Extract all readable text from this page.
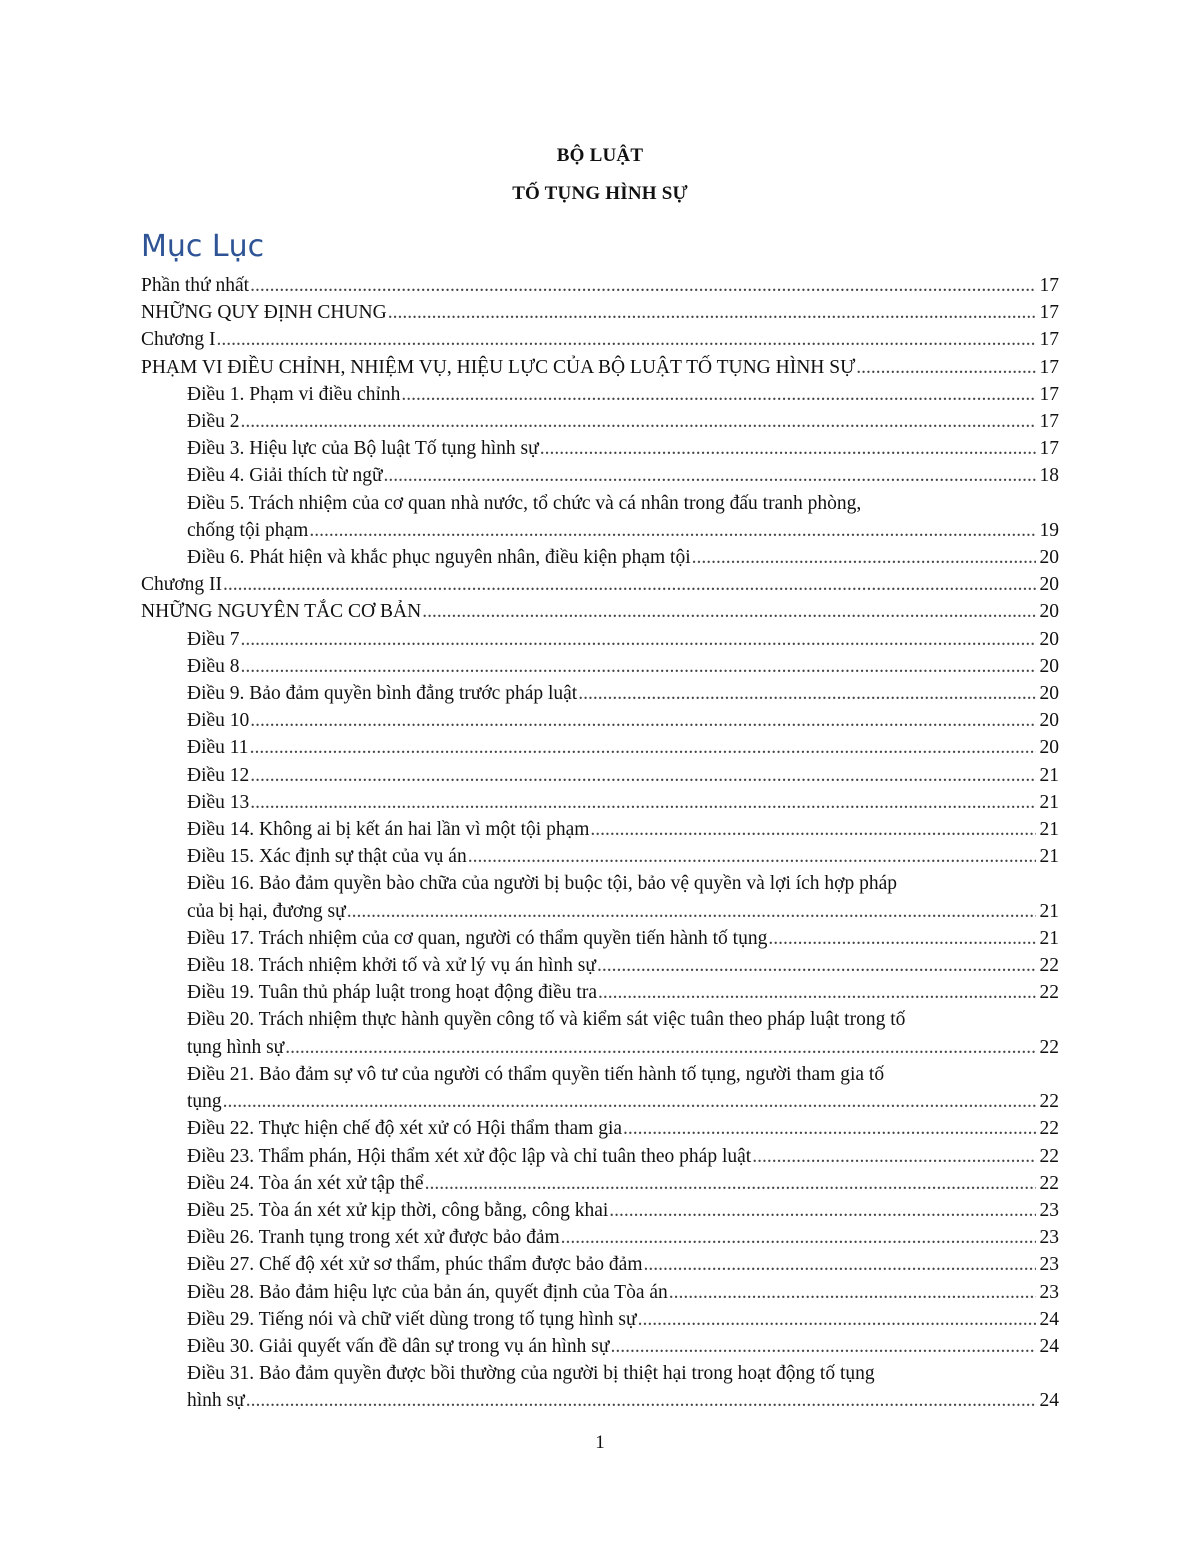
BỘ LUẬT
TỐ TỤNG HÌNH SỰ
Mục Lục
Phần thứ nhất .....	17
NHỮNG QUY ĐỊNH CHUNG .....	17
Chương I .....	17
PHẠM VI ĐIỀU CHỈNH, NHIỆM VỤ, HIỆU LỰC CỦA BỘ LUẬT TỐ TỤNG HÌNH SỰ .....	17
Điều 1. Phạm vi điều chỉnh .....	17
Điều 2 .....	17
Điều 3. Hiệu lực của Bộ luật Tố tụng hình sự .....	17
Điều 4. Giải thích từ ngữ .....	18
Điều 5. Trách nhiệm của cơ quan nhà nước, tổ chức và cá nhân trong đấu tranh phòng,
chống tội phạm .....	19
Điều 6. Phát hiện và khắc phục nguyên nhân, điều kiện phạm tội .....	20
Chương II .....	20
NHỮNG NGUYÊN TẮC CƠ BẢN .....	20
Điều 7 .....	20
Điều 8 .....	20
Điều 9. Bảo đảm quyền bình đẳng trước pháp luật .....	20
Điều 10 .....	20
Điều 11 .....	20
Điều 12 .....	21
Điều 13 .....	21
Điều 14. Không ai bị kết án hai lần vì một tội phạm .....	21
Điều 15. Xác định sự thật của vụ án .....	21
Điều 16. Bảo đảm quyền bào chữa của người bị buộc tội, bảo vệ quyền và lợi ích hợp pháp
của bị hại, đương sự .....	21
Điều 17. Trách nhiệm của cơ quan, người có thẩm quyền tiến hành tố tụng .....	21
Điều 18. Trách nhiệm khởi tố và xử lý vụ án hình sự .....	22
Điều 19. Tuân thủ pháp luật trong hoạt động điều tra .....	22
Điều 20. Trách nhiệm thực hành quyền công tố và kiểm sát việc tuân theo pháp luật trong tố
tụng hình sự .....	22
Điều 21. Bảo đảm sự vô tư của người có thẩm quyền tiến hành tố tụng, người tham gia tố
tụng .....	22
Điều 22. Thực hiện chế độ xét xử có Hội thẩm tham gia .....	22
Điều 23. Thẩm phán, Hội thẩm xét xử độc lập và chỉ tuân theo pháp luật .....	22
Điều 24. Tòa án xét xử tập thể .....	22
Điều 25. Tòa án xét xử kịp thời, công bằng, công khai .....	23
Điều 26. Tranh tụng trong xét xử được bảo đảm .....	23
Điều 27. Chế độ xét xử sơ thẩm, phúc thẩm được bảo đảm .....	23
Điều 28. Bảo đảm hiệu lực của bản án, quyết định của Tòa án .....	23
Điều 29. Tiếng nói và chữ viết dùng trong tố tụng hình sự .....	24
Điều 30. Giải quyết vấn đề dân sự trong vụ án hình sự .....	24
Điều 31. Bảo đảm quyền được bồi thường của người bị thiệt hại trong hoạt động tố tụng
hình sự .....	24
1
